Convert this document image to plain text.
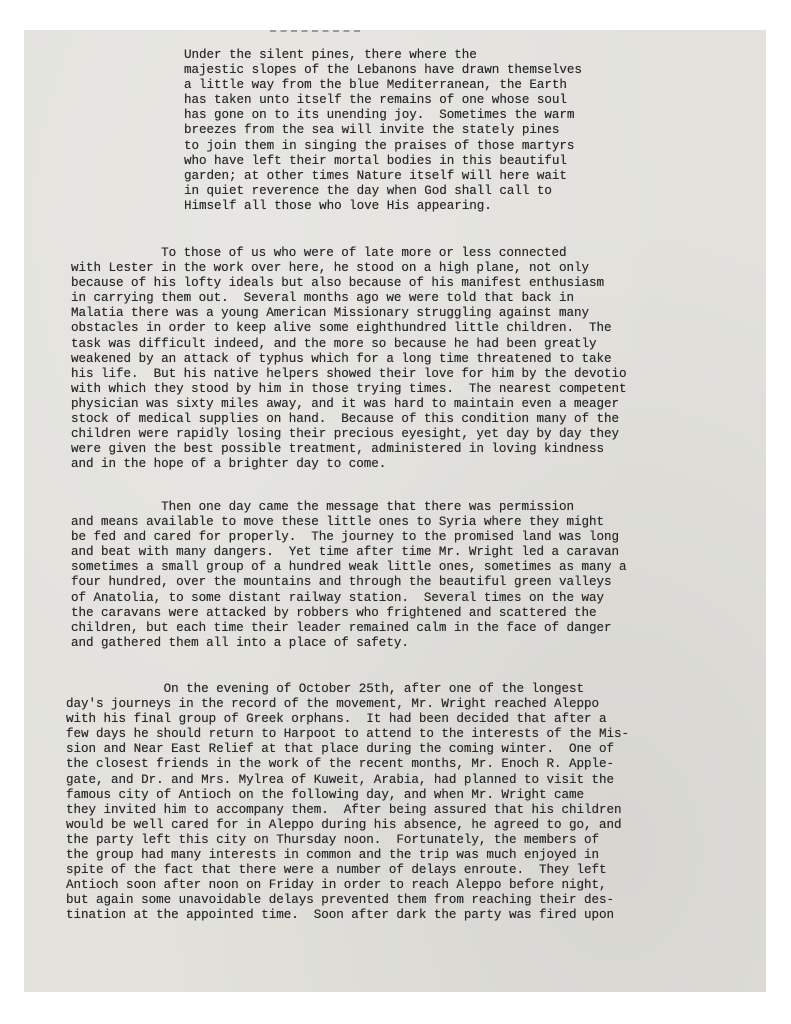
Under the silent pines, there where the
majestic slopes of the Lebanons have drawn themselves
a little way from the blue Mediterranean, the Earth
has taken unto itself the remains of one whose soul
has gone on to its unending joy.  Sometimes the warm
breezes from the sea will invite the stately pines
to join them in singing the praises of those martyrs
who have left their mortal bodies in this beautiful
garden; at other times Nature itself will here wait
in quiet reverence the day when God shall call to
Himself all those who love His appearing.
To those of us who were of late more or less connected
with Lester in the work over here, he stood on a high plane, not only
because of his lofty ideals but also because of his manifest enthusiasm
in carrying them out.  Several months ago we were told that back in
Malatia there was a young American Missionary struggling against many
obstacles in order to keep alive some eighthundred little children.  The
task was difficult indeed, and the more so because he had been greatly
weakened by an attack of typhus which for a long time threatened to take
his life.  But his native helpers showed their love for him by the devotio
with which they stood by him in those trying times.  The nearest competent
physician was sixty miles away, and it was hard to maintain even a meager
stock of medical supplies on hand.  Because of this condition many of the
children were rapidly losing their precious eyesight, yet day by day they
were given the best possible treatment, administered in loving kindness
and in the hope of a brighter day to come.
Then one day came the message that there was permission
and means available to move these little ones to Syria where they might
be fed and cared for properly.  The journey to the promised land was long
and beat with many dangers.  Yet time after time Mr. Wright led a caravan
sometimes a small group of a hundred weak little ones, sometimes as many a
four hundred, over the mountains and through the beautiful green valleys
of Anatolia, to some distant railway station.  Several times on the way
the caravans were attacked by robbers who frightened and scattered the
children, but each time their leader remained calm in the face of danger
and gathered them all into a place of safety.
On the evening of October 25th, after one of the longest
day's journeys in the record of the movement, Mr. Wright reached Aleppo
with his final group of Greek orphans.  It had been decided that after a
few days he should return to Harpoot to attend to the interests of the Mis-
sion and Near East Relief at that place during the coming winter.  One of
the closest friends in the work of the recent months, Mr. Enoch R. Apple-
gate, and Dr. and Mrs. Mylrea of Kuweit, Arabia, had planned to visit the
famous city of Antioch on the following day, and when Mr. Wright came
they invited him to accompany them.  After being assured that his children
would be well cared for in Aleppo during his absence, he agreed to go, and
the party left this city on Thursday noon.  Fortunately, the members of
the group had many interests in common and the trip was much enjoyed in
spite of the fact that there were a number of delays enroute.  They left
Antioch soon after noon on Friday in order to reach Aleppo before night,
but again some unavoidable delays prevented them from reaching their des-
tination at the appointed time.  Soon after dark the party was fired upon
